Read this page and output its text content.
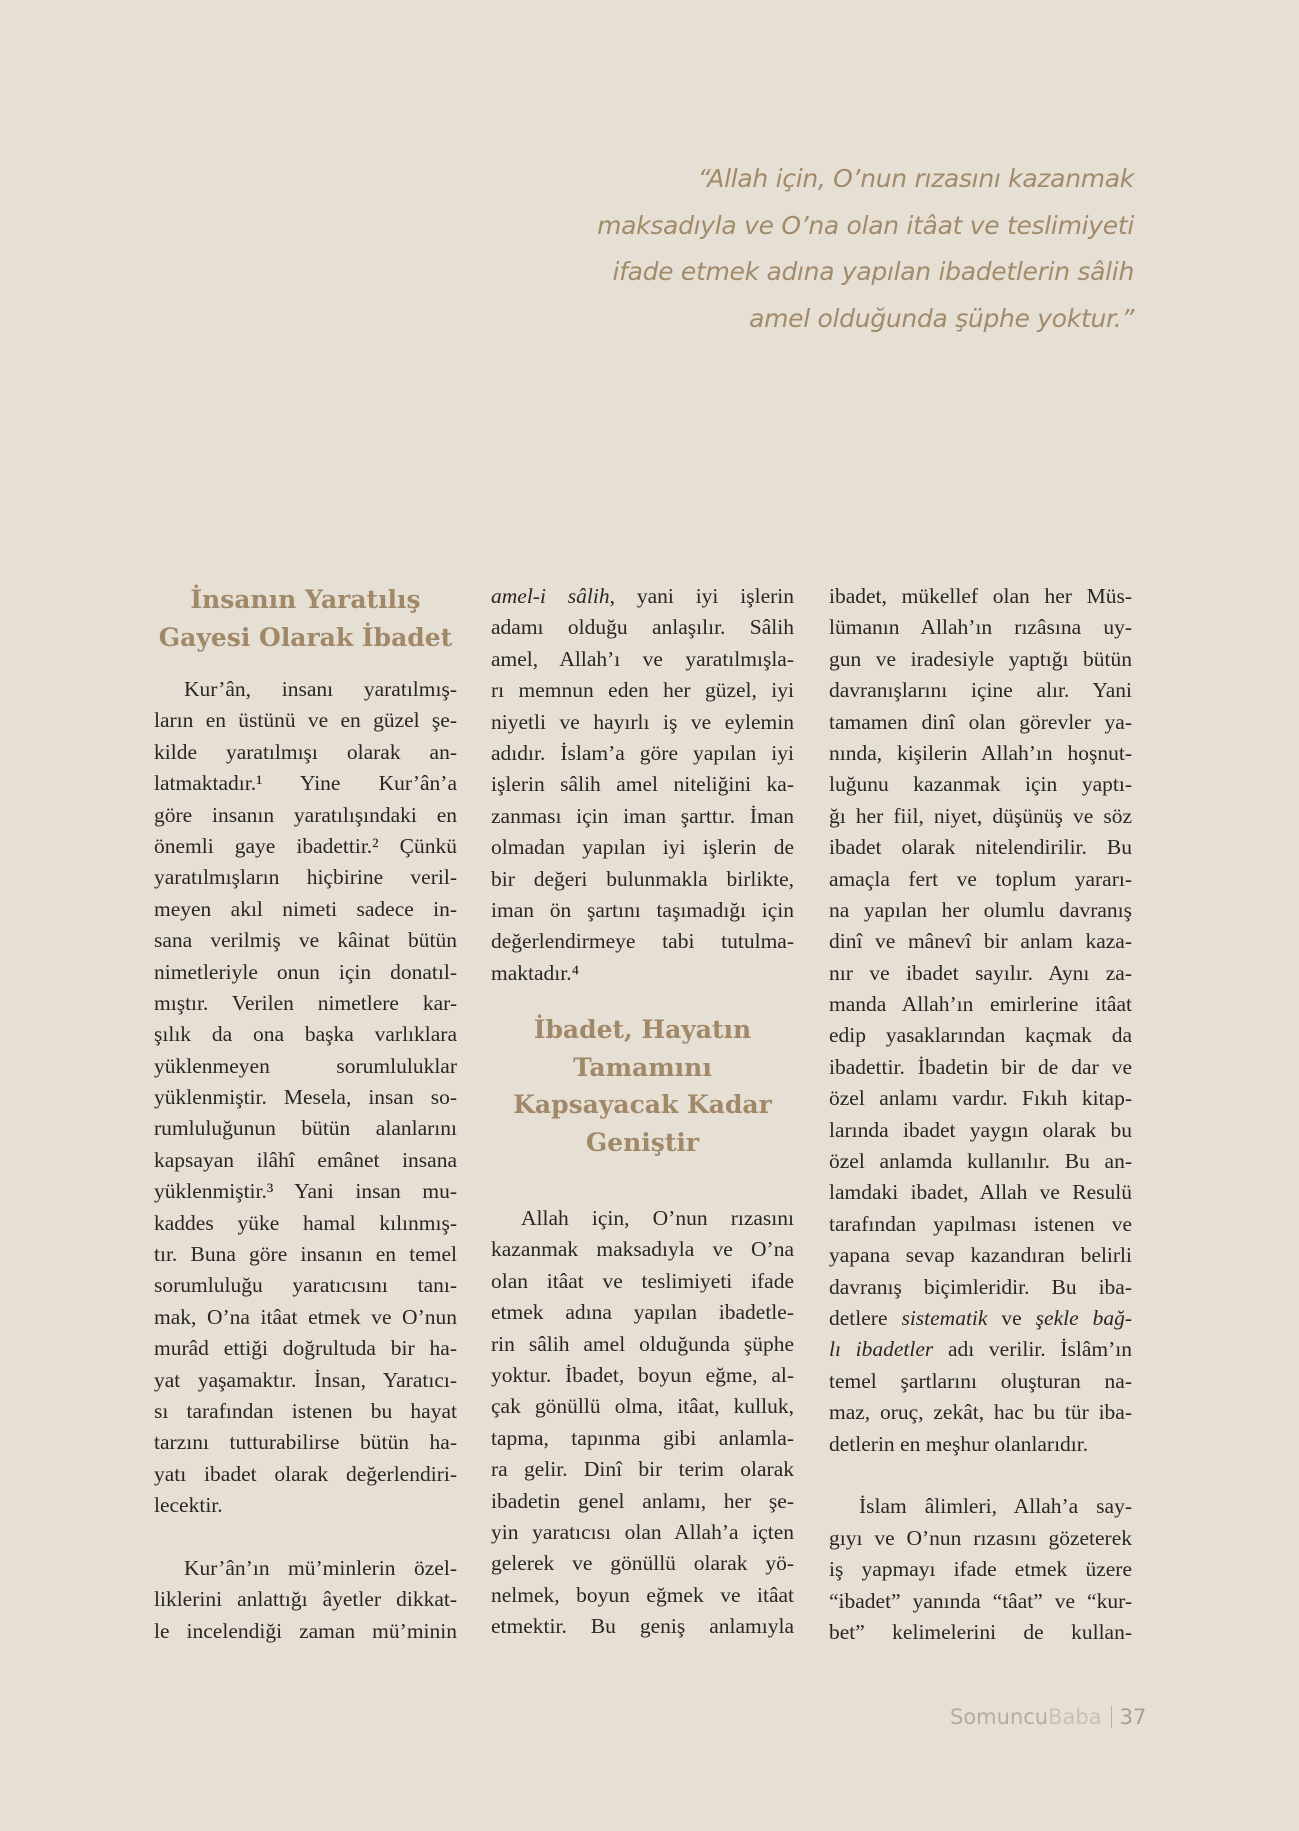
“Allah için, O’nun rızasını kazanmak
maksadıyla ve O’na olan itâat ve teslimiyeti
ifade etmek adına yapılan ibadetlerin sâlih
amel olduğunda şüphe yoktur.”
İnsanın Yaratılış
Gayesi Olarak İbadet

Kur’ân, insanı yaratılmış-
ların en üstünü ve en güzel şe-
kilde yaratılmışı olarak an-
latmaktadır.¹ Yine Kur’ân’a
göre insanın yaratılışındaki en
önemli gaye ibadettir.² Çünkü
yaratılmışların hiçbirine veril-
meyen akıl nimeti sadece in-
sana verilmiş ve kâinat bütün
nimetleriyle onun için donatıl-
mıştır. Verilen nimetlere kar-
şılık da ona başka varlıklara
yüklenmeyen sorumluluklar
yüklenmiştir. Mesela, insan so-
rumluluğunun bütün alanlarını
kapsayan ilâhî emânet insana
yüklenmiştir.³ Yani insan mu-
kaddes yüke hamal kılınmış-
tır. Buna göre insanın en temel
sorumluluğu yaratıcısını tanı-
mak, O’na itâat etmek ve O’nun
murâd ettiği doğrultuda bir ha-
yat yaşamaktır. İnsan, Yaratıcı-
sı tarafından istenen bu hayat
tarzını tutturabilirse bütün ha-
yatı ibadet olarak değerlendiri-
lecektir.

Kur’ân’ın mü’minlerin özel-
liklerini anlattığı âyetler dikkat-
le incelendiği zaman mü’minin

amel-i sâlih, yani iyi işlerin
adamı olduğu anlaşılır. Sâlih
amel, Allah’ı ve yaratılmışla-
rı memnun eden her güzel, iyi
niyetli ve hayırlı iş ve eylemin
adıdır. İslam’a göre yapılan iyi
işlerin sâlih amel niteliğini ka-
zanması için iman şarttır. İman
olmadan yapılan iyi işlerin de
bir değeri bulunmakla birlikte,
iman ön şartını taşımadığı için
değerlendirmeye tabi tutulma-
maktadır.⁴

İbadet, Hayatın
Tamamını
Kapsayacak Kadar
Geniştir

Allah için, O’nun rızasını
kazanmak maksadıyla ve O’na
olan itâat ve teslimiyeti ifade
etmek adına yapılan ibadetle-
rin sâlih amel olduğunda şüphe
yoktur. İbadet, boyun eğme, al-
çak gönüllü olma, itâat, kulluk,
tapma, tapınma gibi anlamla-
ra gelir. Dinî bir terim olarak
ibadetin genel anlamı, her şe-
yin yaratıcısı olan Allah’a içten
gelerek ve gönüllü olarak yö-
nelmek, boyun eğmek ve itâat
etmektir. Bu geniş anlamıyla

ibadet, mükellef olan her Müs-
lümanın Allah’ın rızâsına uy-
gun ve iradesiyle yaptığı bütün
davranışlarını içine alır. Yani
tamamen dinî olan görevler ya-
nında, kişilerin Allah’ın hoşnut-
luğunu kazanmak için yaptı-
ğı her fiil, niyet, düşünüş ve söz
ibadet olarak nitelendirilir. Bu
amaçla fert ve toplum yararı-
na yapılan her olumlu davranış
dinî ve mânevî bir anlam kaza-
nır ve ibadet sayılır. Aynı za-
manda Allah’ın emirlerine itâat
edip yasaklarından kaçmak da
ibadettir. İbadetin bir de dar ve
özel anlamı vardır. Fıkıh kitap-
larında ibadet yaygın olarak bu
özel anlamda kullanılır. Bu an-
lamdaki ibadet, Allah ve Resulü
tarafından yapılması istenen ve
yapana sevap kazandıran belirli
davranış biçimleridir. Bu iba-
detlere sistematik ve şekle bağ-
lı ibadetler adı verilir. İslâm’ın
temel şartlarını oluşturan na-
maz, oruç, zekât, hac bu tür iba-
detlerin en meşhur olanlarıdır.

İslam âlimleri, Allah’a say-
gıyı ve O’nun rızasını gözeterek
iş yapmayı ifade etmek üzere
“ibadet” yanında “tâat” ve “kur-
bet” kelimelerini de kullan-

SomuncuBaba 37
